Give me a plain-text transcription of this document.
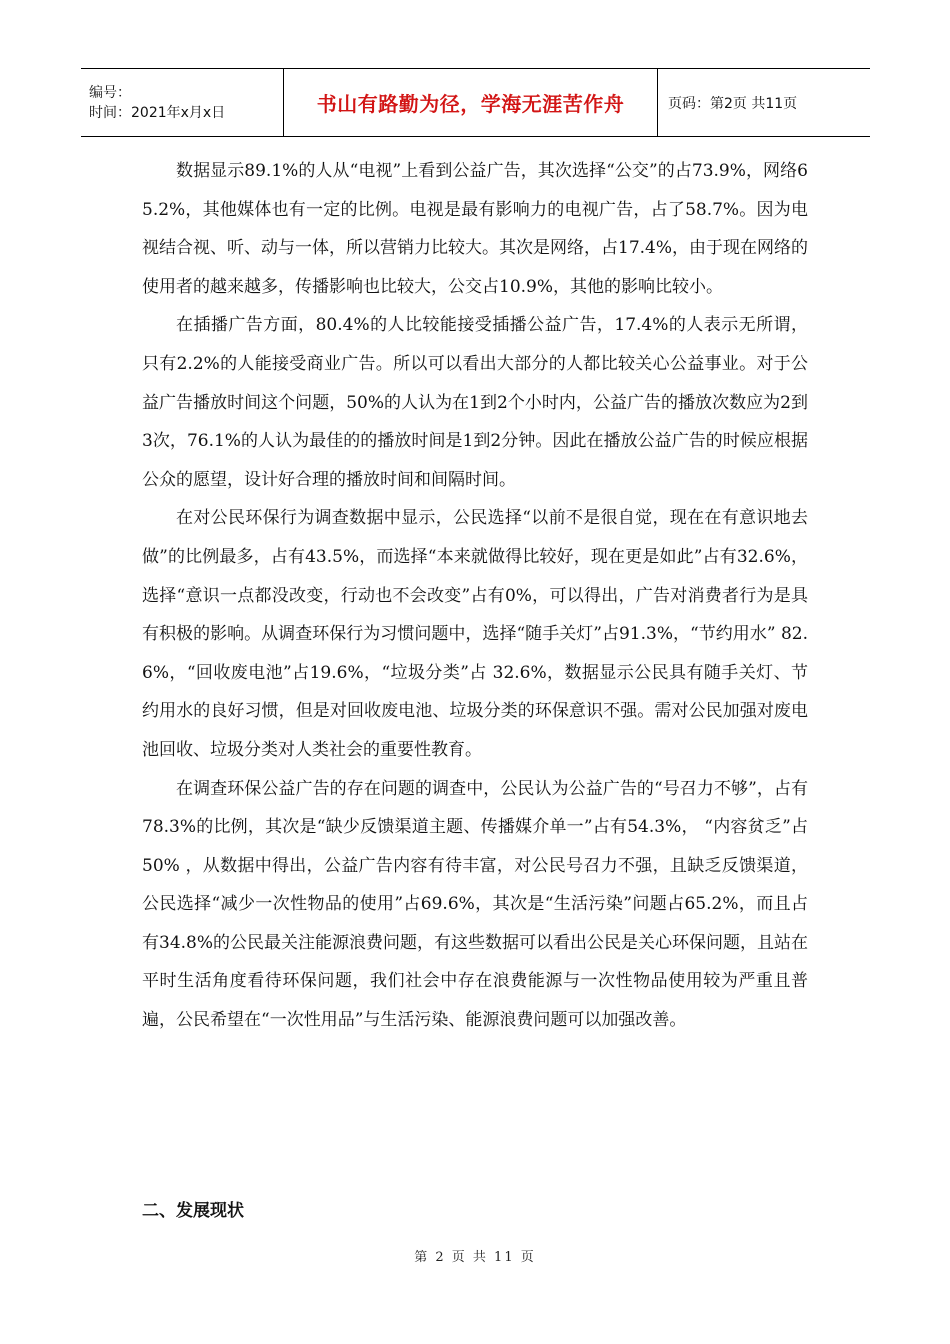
编号：
时间：2021年x月x日	书山有路勤为径，学海无涯苦作舟	页码：第2页 共11页

数据显示89.1%的人从“电视”上看到公益广告，其次选择“公交”的占73.9%，网络65.2%，其他媒体也有一定的比例。电视是最有影响力的电视广告，占了58.7%。因为电视结合视、听、动与一体，所以营销力比较大。其次是网络，占17.4%，由于现在网络的使用者的越来越多，传播影响也比较大，公交占10.9%，其他的影响比较小。

在插播广告方面，80.4%的人比较能接受插播公益广告，17.4%的人表示无所谓，只有2.2%的人能接受商业广告。所以可以看出大部分的人都比较关心公益事业。对于公益广告播放时间这个问题，50%的人认为在1到2个小时内，公益广告的播放次数应为2到3次，76.1%的人认为最佳的的播放时间是1到2分钟。因此在播放公益广告的时候应根据公众的愿望，设计好合理的播放时间和间隔时间。

在对公民环保行为调查数据中显示，公民选择“以前不是很自觉，现在在有意识地去做”的比例最多，占有43.5%，而选择“本来就做得比较好，现在更是如此”占有32.6%，选择“意识一点都没改变，行动也不会改变”占有0%，可以得出，广告对消费者行为是具有积极的影响。从调查环保行为习惯问题中，选择“随手关灯”占91.3%，“节约用水” 82.6%，“回收废电池”占19.6%，“垃圾分类”占 32.6%，数据显示公民具有随手关灯、节约用水的良好习惯，但是对回收废电池、垃圾分类的环保意识不强。需对公民加强对废电池回收、垃圾分类对人类社会的重要性教育。

在调查环保公益广告的存在问题的调查中，公民认为公益广告的“号召力不够”，占有78.3%的比例，其次是“缺少反馈渠道主题、传播媒介单一”占有54.3%， “内容贫乏”占 50% ，从数据中得出，公益广告内容有待丰富，对公民号召力不强，且缺乏反馈渠道，公民选择“减少一次性物品的使用”占69.6%，其次是“生活污染”问题占65.2%，而且占有34.8%的公民最关注能源浪费问题，有这些数据可以看出公民是关心环保问题，且站在平时生活角度看待环保问题，我们社会中存在浪费能源与一次性物品使用较为严重且普遍，公民希望在“一次性用品”与生活污染、能源浪费问题可以加强改善。

二、发展现状
第 2 页 共 11 页
